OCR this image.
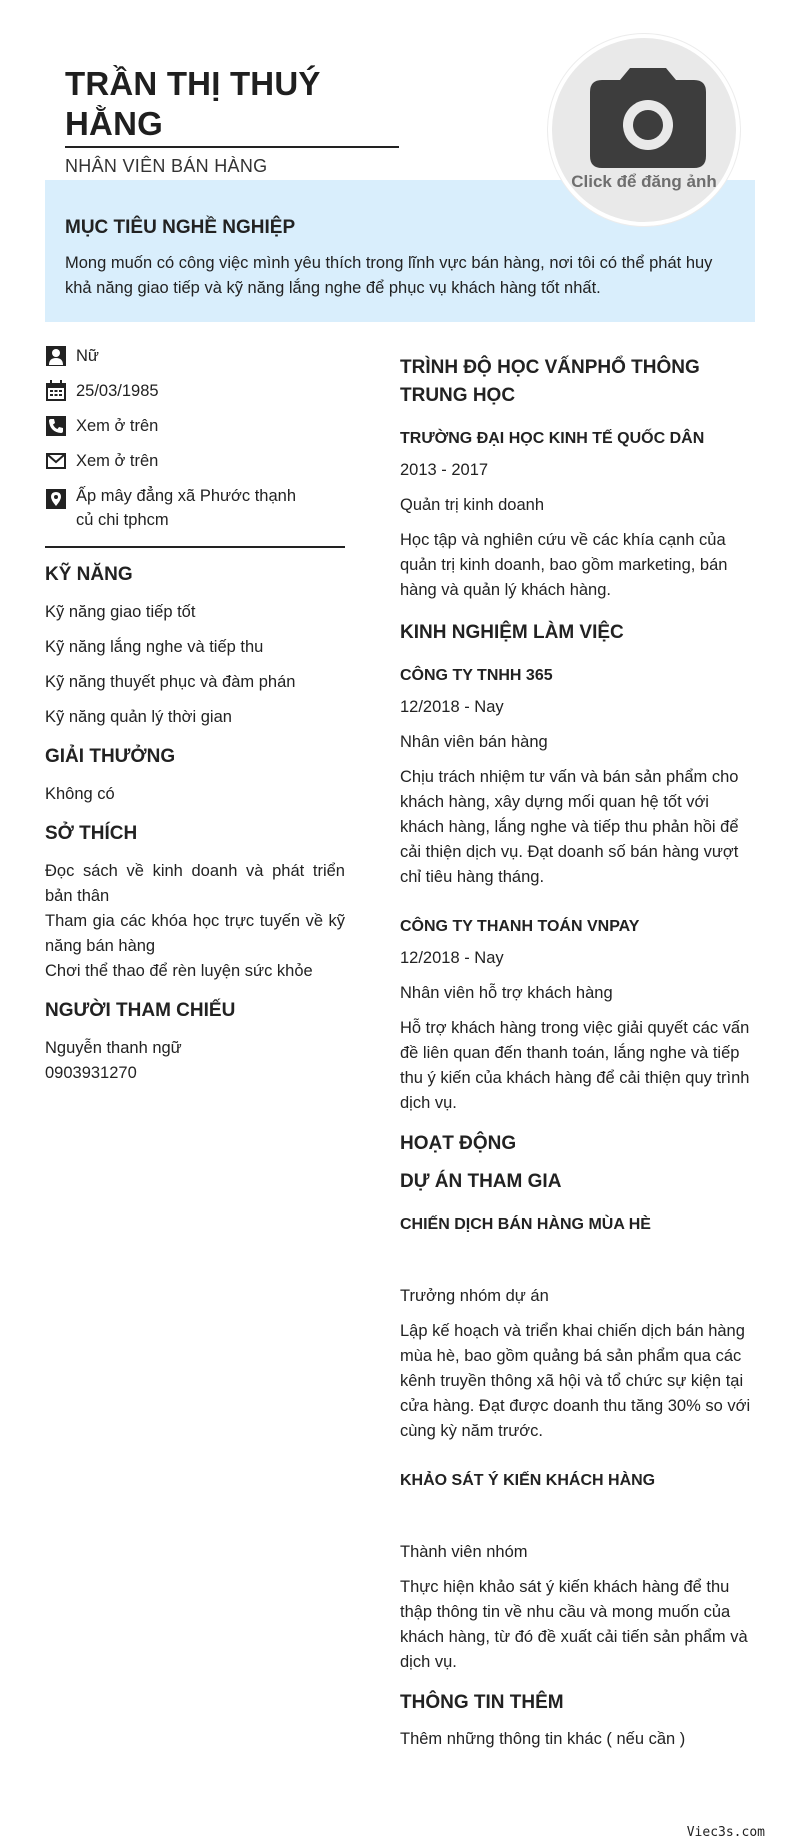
TRẦN THỊ THUÝ HẰNG
NHÂN VIÊN BÁN HÀNG
Click để đăng ảnh
MỤC TIÊU NGHỀ NGHIỆP

Mong muốn có công việc mình yêu thích trong lĩnh vực bán hàng, nơi tôi có thể phát huy khả năng giao tiếp và kỹ năng lắng nghe để phục vụ khách hàng tốt nhất.

Nữ
25/03/1985
Xem ở trên
Xem ở trên
Ấp mây đẳng xã Phước thạnh củ chi tphcm
KỸ NĂNG
Kỹ năng giao tiếp tốt
Kỹ năng lắng nghe và tiếp thu
Kỹ năng thuyết phục và đàm phán
Kỹ năng quản lý thời gian
GIẢI THƯỞNG
Không có
SỞ THÍCH
Đọc sách về kinh doanh và phát triển bản thân
Tham gia các khóa học trực tuyến về kỹ năng bán hàng
Chơi thể thao để rèn luyện sức khỏe
NGƯỜI THAM CHIẾU
Nguyễn thanh ngữ
0903931270
TRÌNH ĐỘ HỌC VẤNPHỔ THÔNG TRUNG HỌC
TRƯỜNG ĐẠI HỌC KINH TẾ QUỐC DÂN
2013 - 2017
Quản trị kinh doanh
Học tập và nghiên cứu về các khía cạnh của quản trị kinh doanh, bao gồm marketing, bán hàng và quản lý khách hàng.
KINH NGHIỆM LÀM VIỆC
CÔNG TY TNHH 365
12/2018 - Nay
Nhân viên bán hàng
Chịu trách nhiệm tư vấn và bán sản phẩm cho khách hàng, xây dựng mối quan hệ tốt với khách hàng, lắng nghe và tiếp thu phản hồi để cải thiện dịch vụ. Đạt doanh số bán hàng vượt chỉ tiêu hàng tháng.
CÔNG TY THANH TOÁN VNPAY
12/2018 - Nay
Nhân viên hỗ trợ khách hàng
Hỗ trợ khách hàng trong việc giải quyết các vấn đề liên quan đến thanh toán, lắng nghe và tiếp thu ý kiến của khách hàng để cải thiện quy trình dịch vụ.
HOẠT ĐỘNG
DỰ ÁN THAM GIA
CHIẾN DỊCH BÁN HÀNG MÙA HÈ
Trưởng nhóm dự án
Lập kế hoạch và triển khai chiến dịch bán hàng mùa hè, bao gồm quảng bá sản phẩm qua các kênh truyền thông xã hội và tổ chức sự kiện tại cửa hàng. Đạt được doanh thu tăng 30% so với cùng kỳ năm trước.
KHẢO SÁT Ý KIẾN KHÁCH HÀNG
Thành viên nhóm
Thực hiện khảo sát ý kiến khách hàng để thu thập thông tin về nhu cầu và mong muốn của khách hàng, từ đó đề xuất cải tiến sản phẩm và dịch vụ.
THÔNG TIN THÊM
Thêm những thông tin khác ( nếu cần )
Viec3s.com
